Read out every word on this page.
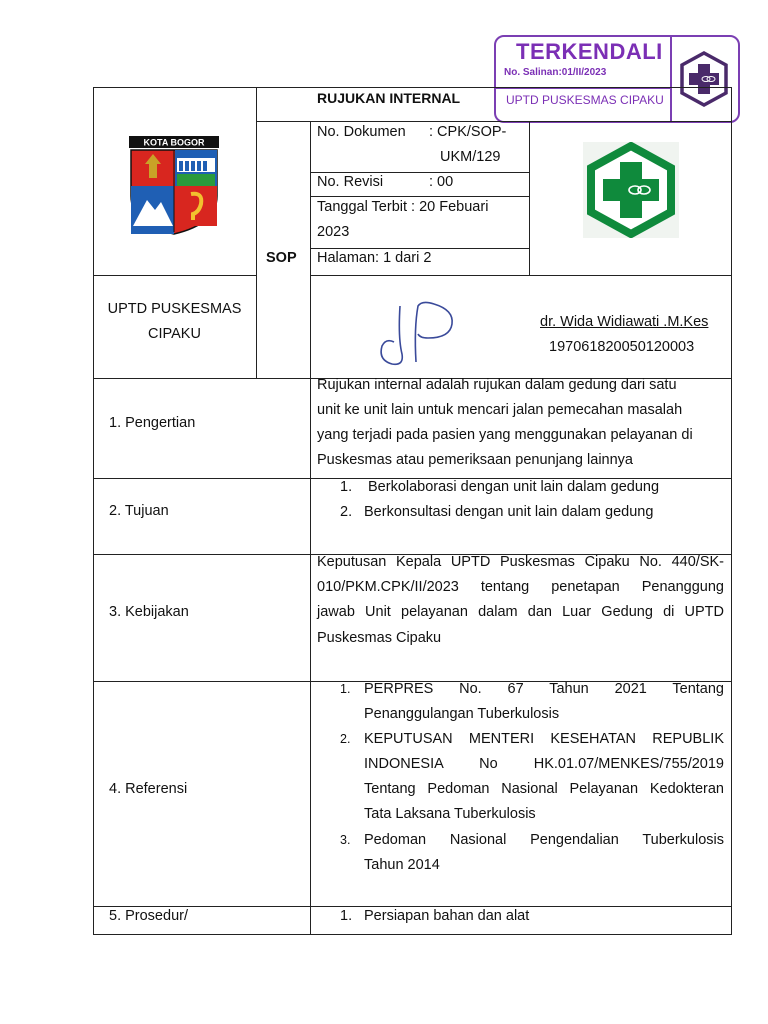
TERKENDALI
No. Salinan:01/II/2023
UPTD PUSKESMAS CIPAKU
KOTA BOGOR
RUJUKAN INTERNAL
SOP
No. Dokumen : CPK/SOP-
UKM/129
No. Revisi	: 00
Tanggal Terbit : 20 Febuari
2023
Halaman: 1 dari 2
UPTD PUSKESMAS
CIPAKU
dr. Wida Widiawati .M.Kes
197061820050120003
1. Pengertian
Rujukan internal adalah rujukan dalam gedung dari satu
unit ke unit lain untuk mencari jalan pemecahan masalah
yang terjadi pada pasien yang menggunakan pelayanan di
Puskesmas atau pemeriksaan penunjang lainnya
2. Tujuan
1. Berkolaborasi dengan unit lain dalam gedung
2. Berkonsultasi dengan unit lain dalam gedung
3. Kebijakan
Keputusan Kepala UPTD Puskesmas Cipaku No. 440/SK-
010/PKM.CPK/II/2023 tentang penetapan Penanggung
jawab Unit pelayanan dalam dan Luar Gedung di UPTD
Puskesmas Cipaku
4. Referensi
1. PERPRES No. 67 Tahun 2021 Tentang
Penanggulangan Tuberkulosis
2. KEPUTUSAN MENTERI KESEHATAN REPUBLIK
INDONESIA No HK.01.07/MENKES/755/2019
Tentang Pedoman Nasional Pelayanan Kedokteran
Tata Laksana Tuberkulosis
3. Pedoman Nasional Pengendalian Tuberkulosis
Tahun 2014
5. Prosedur/	1. Persiapan bahan dan alat
